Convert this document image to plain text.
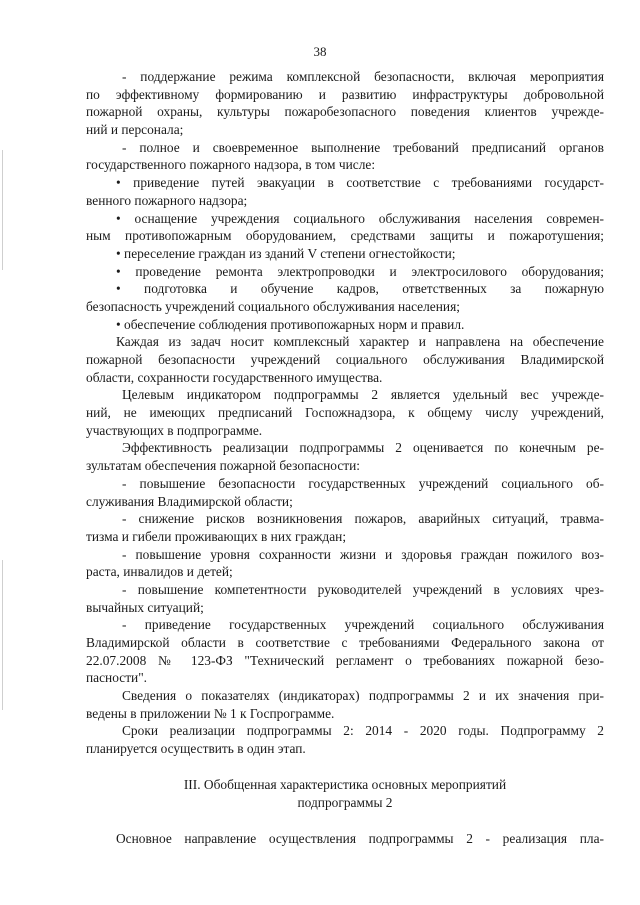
38
- поддержание режима комплексной безопасности, включая мероприятия
по эффективному формированию и развитию инфраструктуры добровольной
пожарной охраны, культуры пожаробезопасного поведения клиентов учрежде-
ний и персонала;
- полное и своевременное выполнение требований предписаний органов
государственного пожарного надзора, в том числе:
• приведение путей эвакуации в соответствие с требованиями государст-
венного пожарного надзора;
• оснащение учреждения социального обслуживания населения современ-
ным противопожарным оборудованием, средствами защиты и пожаротушения;
• переселение граждан из зданий V степени огнестойкости;
• проведение ремонта электропроводки и электросилового оборудования;
• подготовка и обучение кадров, ответственных за пожарную
безопасность учреждений социального обслуживания населения;
• обеспечение соблюдения противопожарных норм и правил.
Каждая из задач носит комплексный характер и направлена на обеспечение
пожарной безопасности учреждений социального обслуживания Владимирской
области, сохранности государственного имущества.
Целевым индикатором подпрограммы 2 является удельный вес учрежде-
ний, не имеющих предписаний Госпожнадзора, к общему числу учреждений,
участвующих в подпрограмме.
Эффективность реализации подпрограммы 2 оценивается по конечным ре-
зультатам обеспечения пожарной безопасности:
- повышение безопасности государственных учреждений социального об-
служивания Владимирской области;
- снижение рисков возникновения пожаров, аварийных ситуаций, травма-
тизма и гибели проживающих в них граждан;
- повышение уровня сохранности жизни и здоровья граждан пожилого воз-
раста, инвалидов и детей;
- повышение компетентности руководителей учреждений в условиях чрез-
вычайных ситуаций;
- приведение государственных учреждений социального обслуживания
Владимирской области в соответствие с требованиями Федерального закона от
22.07.2008 № 123-ФЗ "Технический регламент о требованиях пожарной безо-
пасности".
Сведения о показателях (индикаторах) подпрограммы 2 и их значения при-
ведены в приложении № 1 к Госпрограмме.
Сроки реализации подпрограммы 2: 2014 - 2020 годы. Подпрограмму 2
планируется осуществить в один этап.
III. Обобщенная характеристика основных мероприятий
подпрограммы 2
Основное направление осуществления подпрограммы 2 - реализация пла-
